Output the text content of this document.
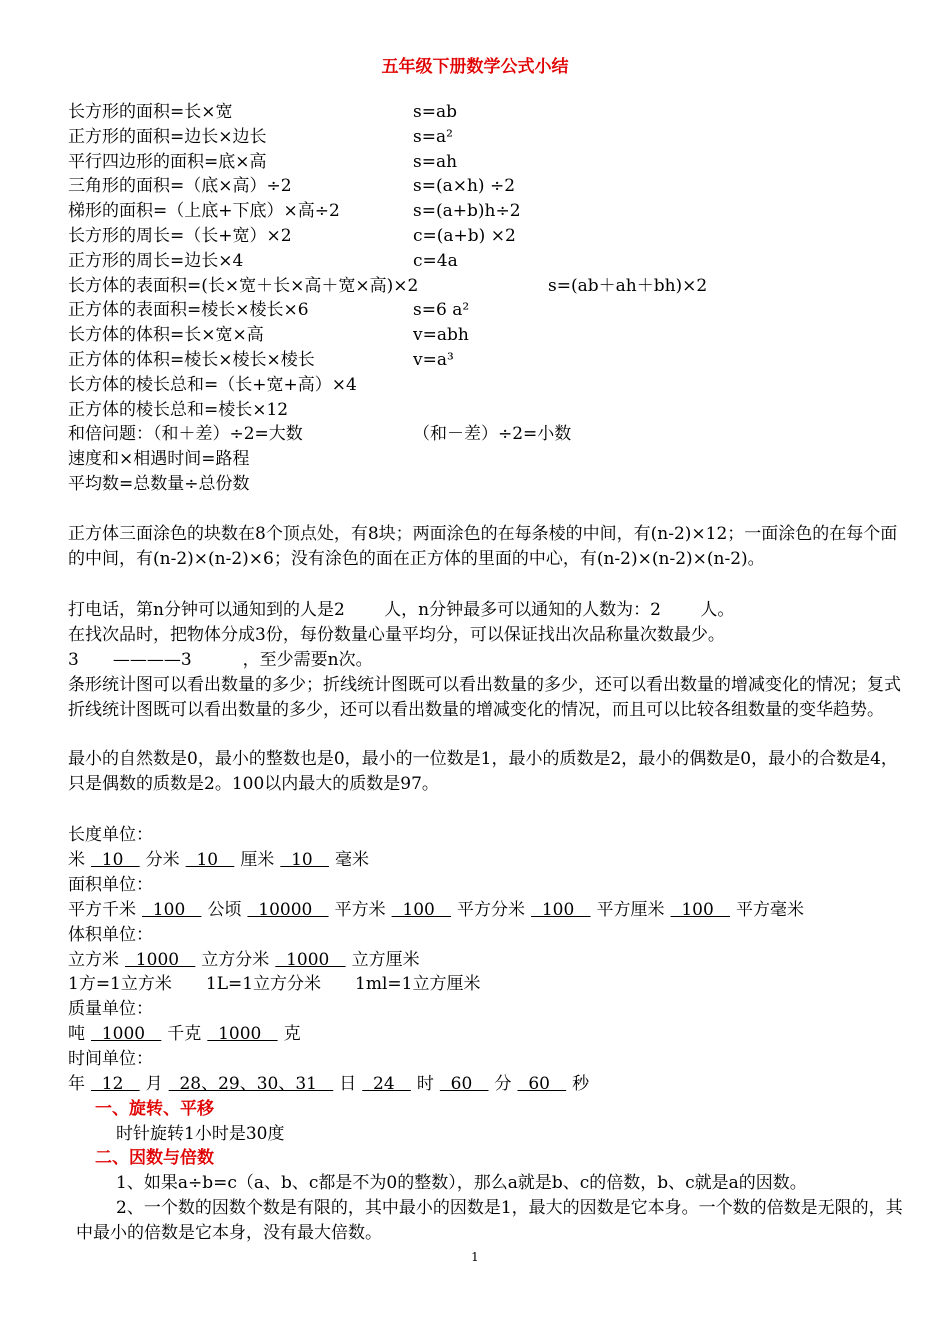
五年级下册数学公式小结
长方形的面积=长×宽	s=ab
正方形的面积=边长×边长	s=a²
平行四边形的面积=底×高	s=ah
三角形的面积=（底×高）÷2	s=(a×h) ÷2
梯形的面积=（上底+下底）×高÷2	s=(a+b)h÷2
长方形的周长=（长+宽）×2	c=(a+b) ×2
正方形的周长=边长×4	c=4a
长方体的表面积=(长×宽＋长×高＋宽×高)×2	s=(ab＋ah＋bh)×2
正方体的表面积=棱长×棱长×6	s=6 a²
长方体的体积=长×宽×高	v=abh
正方体的体积=棱长×棱长×棱长	v=a³
长方体的棱长总和=（长+宽+高）×4
正方体的棱长总和=棱长×12
和倍问题：（和＋差）÷2=大数	（和－差）÷2=小数
速度和×相遇时间=路程
平均数=总数量÷总份数
正方体三面涂色的块数在8个顶点处，有8块；两面涂色的在每条棱的中间，有(n-2)×12；一面涂色的在每个面的中间，有(n-2)×(n-2)×6；没有涂色的面在正方体的里面的中心，有(n-2)×(n-2)×(n-2)。
打电话，第n分钟可以通知到的人是2　　 人，n分钟最多可以通知的人数为：2　　 人。
在找次品时，把物体分成3份，每份数量心量平均分，可以保证找出次品称量次数最少。
3　　————3　　　，至少需要n次。
条形统计图可以看出数量的多少；折线统计图既可以看出数量的多少，还可以看出数量的增减变化的情况；复式折线统计图既可以看出数量的多少，还可以看出数量的增减变化的情况，而且可以比较各组数量的变华趋势。
最小的自然数是0，最小的整数也是0，最小的一位数是1，最小的质数是2，最小的偶数是0，最小的合数是4，只是偶数的质数是2。100以内最大的质数是97。
长度单位：
米  10   分米  10   厘米  10   毫米
面积单位：
平方千米  100   公顷  10000   平方米  100   平方分米  100   平方厘米  100   平方毫米
体积单位：
立方米  1000   立方分米  1000   立方厘米
1方=1立方米　　1L=1立方分米　　1ml=1立方厘米
质量单位：
吨  1000   千克  1000   克
时间单位：
年  12   月  28、29、30、31   日  24   时  60   分  60   秒
一、旋转、平移
时针旋转1小时是30度
二、因数与倍数
1、如果a÷b=c（a、b、c都是不为0的整数），那么a就是b、c的倍数，b、c就是a的因数。
2、一个数的因数个数是有限的，其中最小的因数是1，最大的因数是它本身。一个数的倍数是无限的，其中最小的倍数是它本身，没有最大倍数。
1
